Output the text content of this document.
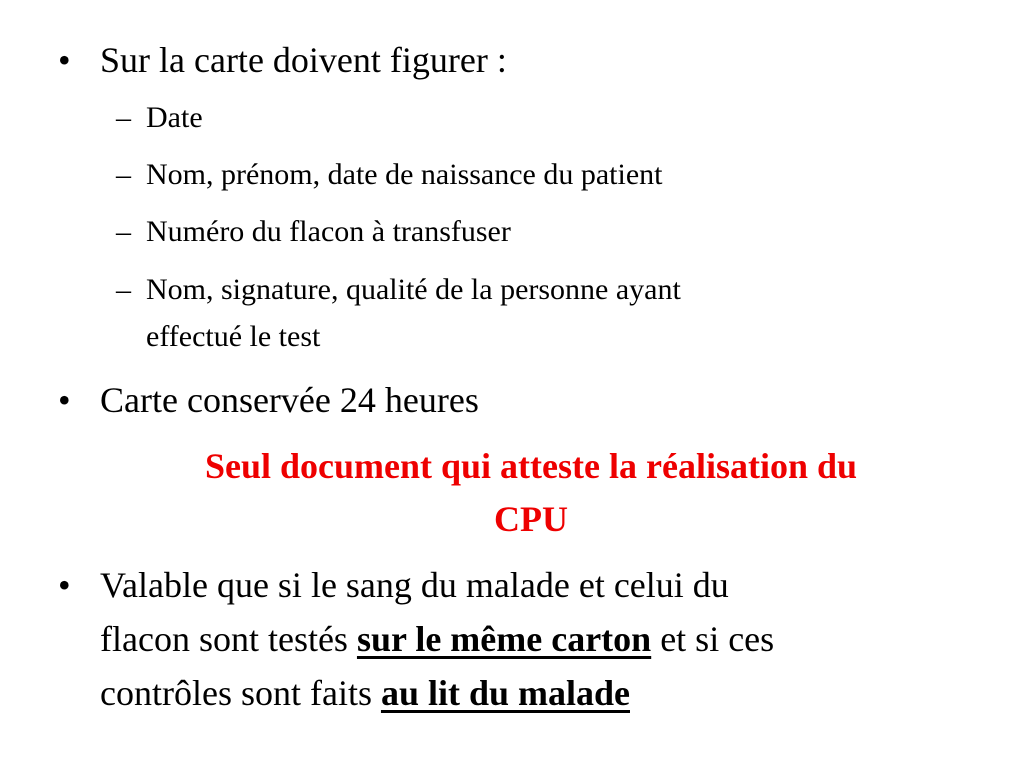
• Sur la carte doivent figurer :
– Date
– Nom, prénom, date de naissance du patient
– Numéro du flacon à transfuser
– Nom, signature, qualité de la personne ayant
effectué le test
• Carte conservée 24 heures
Seul document qui atteste la réalisation du
CPU
• Valable que si le sang du malade et celui du
flacon sont testés sur le même carton et si ces
contrôles sont faits au lit du malade
